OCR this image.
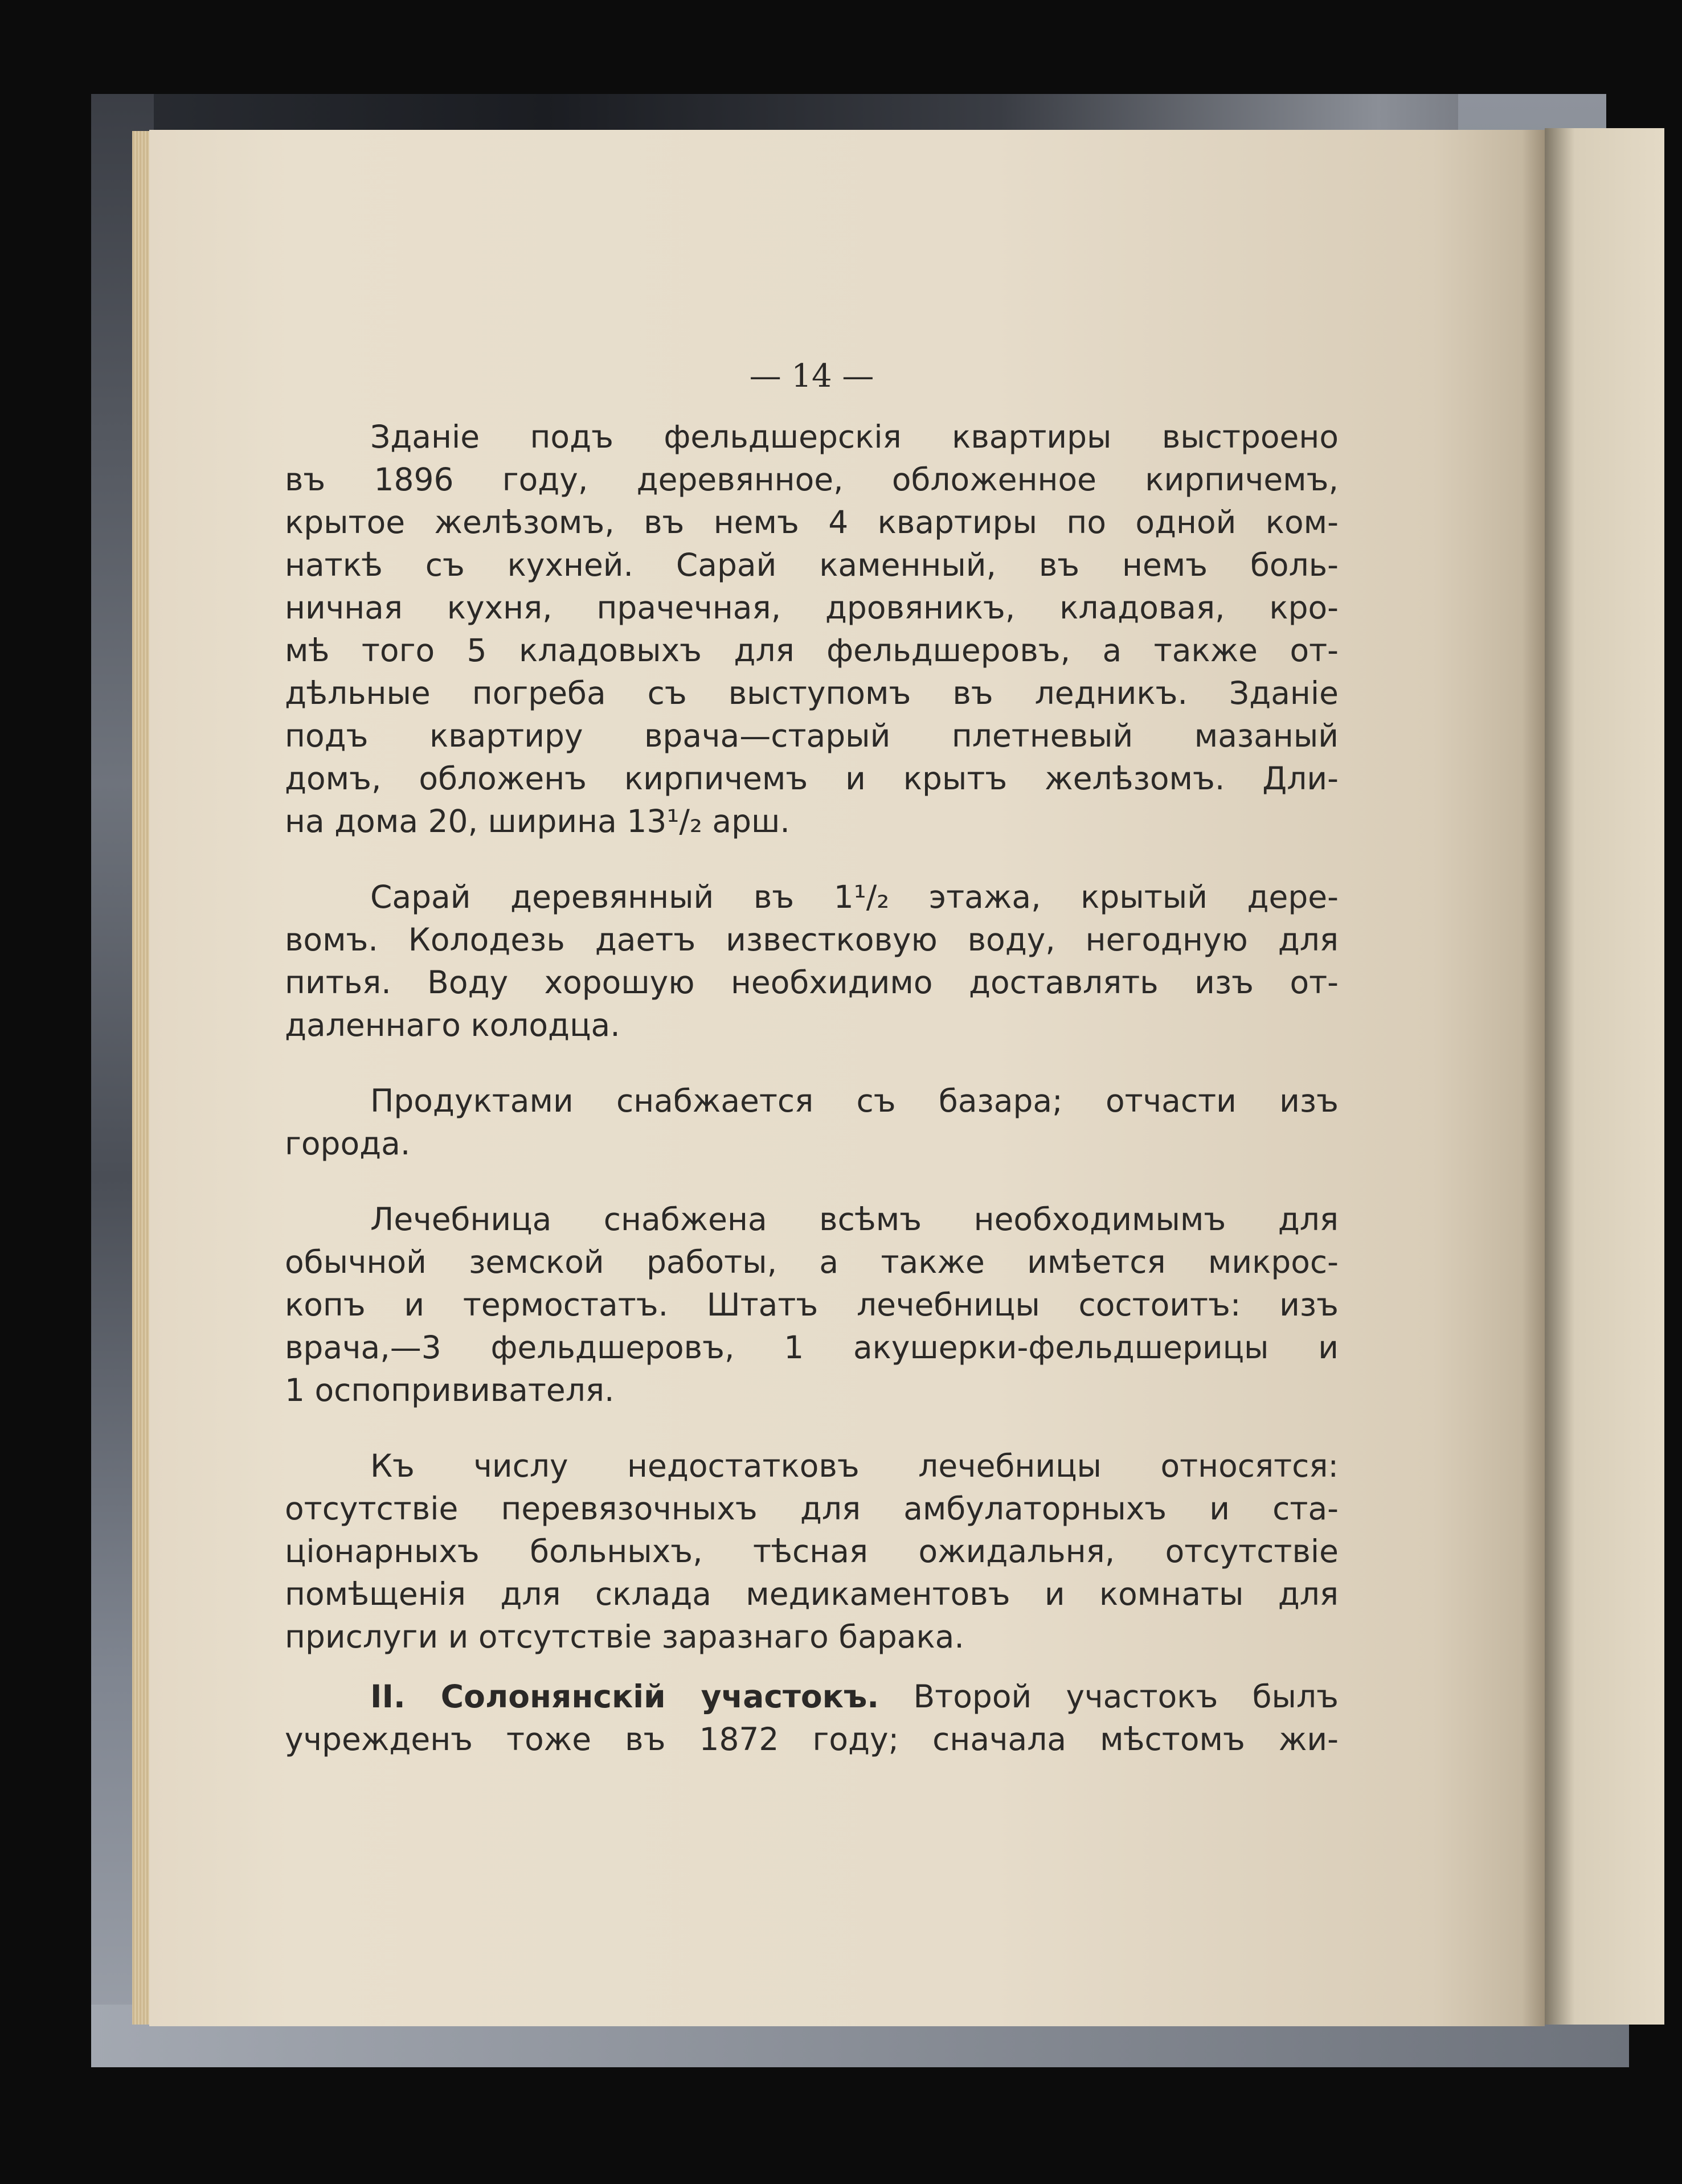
— 14 —

Зданіе подъ фельдшерскія квартиры выстроено
въ 1896 году, деревянное, обложенное кирпичемъ,
крытое желѣзомъ, въ немъ 4 квартиры по одной ком-
наткѣ съ кухней. Сарай каменный, въ немъ боль-
ничная кухня, прачечная, дровяникъ, кладовая, кро-
мѣ того 5 кладовыхъ для фельдшеровъ, а также от-
дѣльные погреба съ выступомъ въ ледникъ. Зданіе
подъ квартиру врача—старый плетневый мазаный
домъ, обложенъ кирпичемъ и крытъ желѣзомъ. Дли-
на дома 20, ширина 13¹/₂ арш.

Сарай деревянный въ 1¹/₂ этажа, крытый дере-
вомъ. Колодезь даетъ известковую воду, негодную для
питья. Воду хорошую необхидимо доставлять изъ от-
даленнаго колодца.

Продуктами снабжается съ базара; отчасти изъ
города.

Лечебница снабжена всѣмъ необходимымъ для
обычной земской работы, а также имѣется микрос-
копъ и термостатъ. Штатъ лечебницы состоитъ: изъ
врача,—3 фельдшеровъ, 1 акушерки-фельдшерицы и
1 оспопрививателя.

Къ числу недостатковъ лечебницы относятся:
отсутствіе перевязочныхъ для амбулаторныхъ и ста-
ціонарныхъ больныхъ, тѣсная ожидальня, отсутствіе
помѣщенія для склада медикаментовъ и комнаты для
прислуги и отсутствіе заразнаго барака.

II. Солонянскій участокъ. Второй участокъ былъ
учрежденъ тоже въ 1872 году; сначала мѣстомъ жи-
